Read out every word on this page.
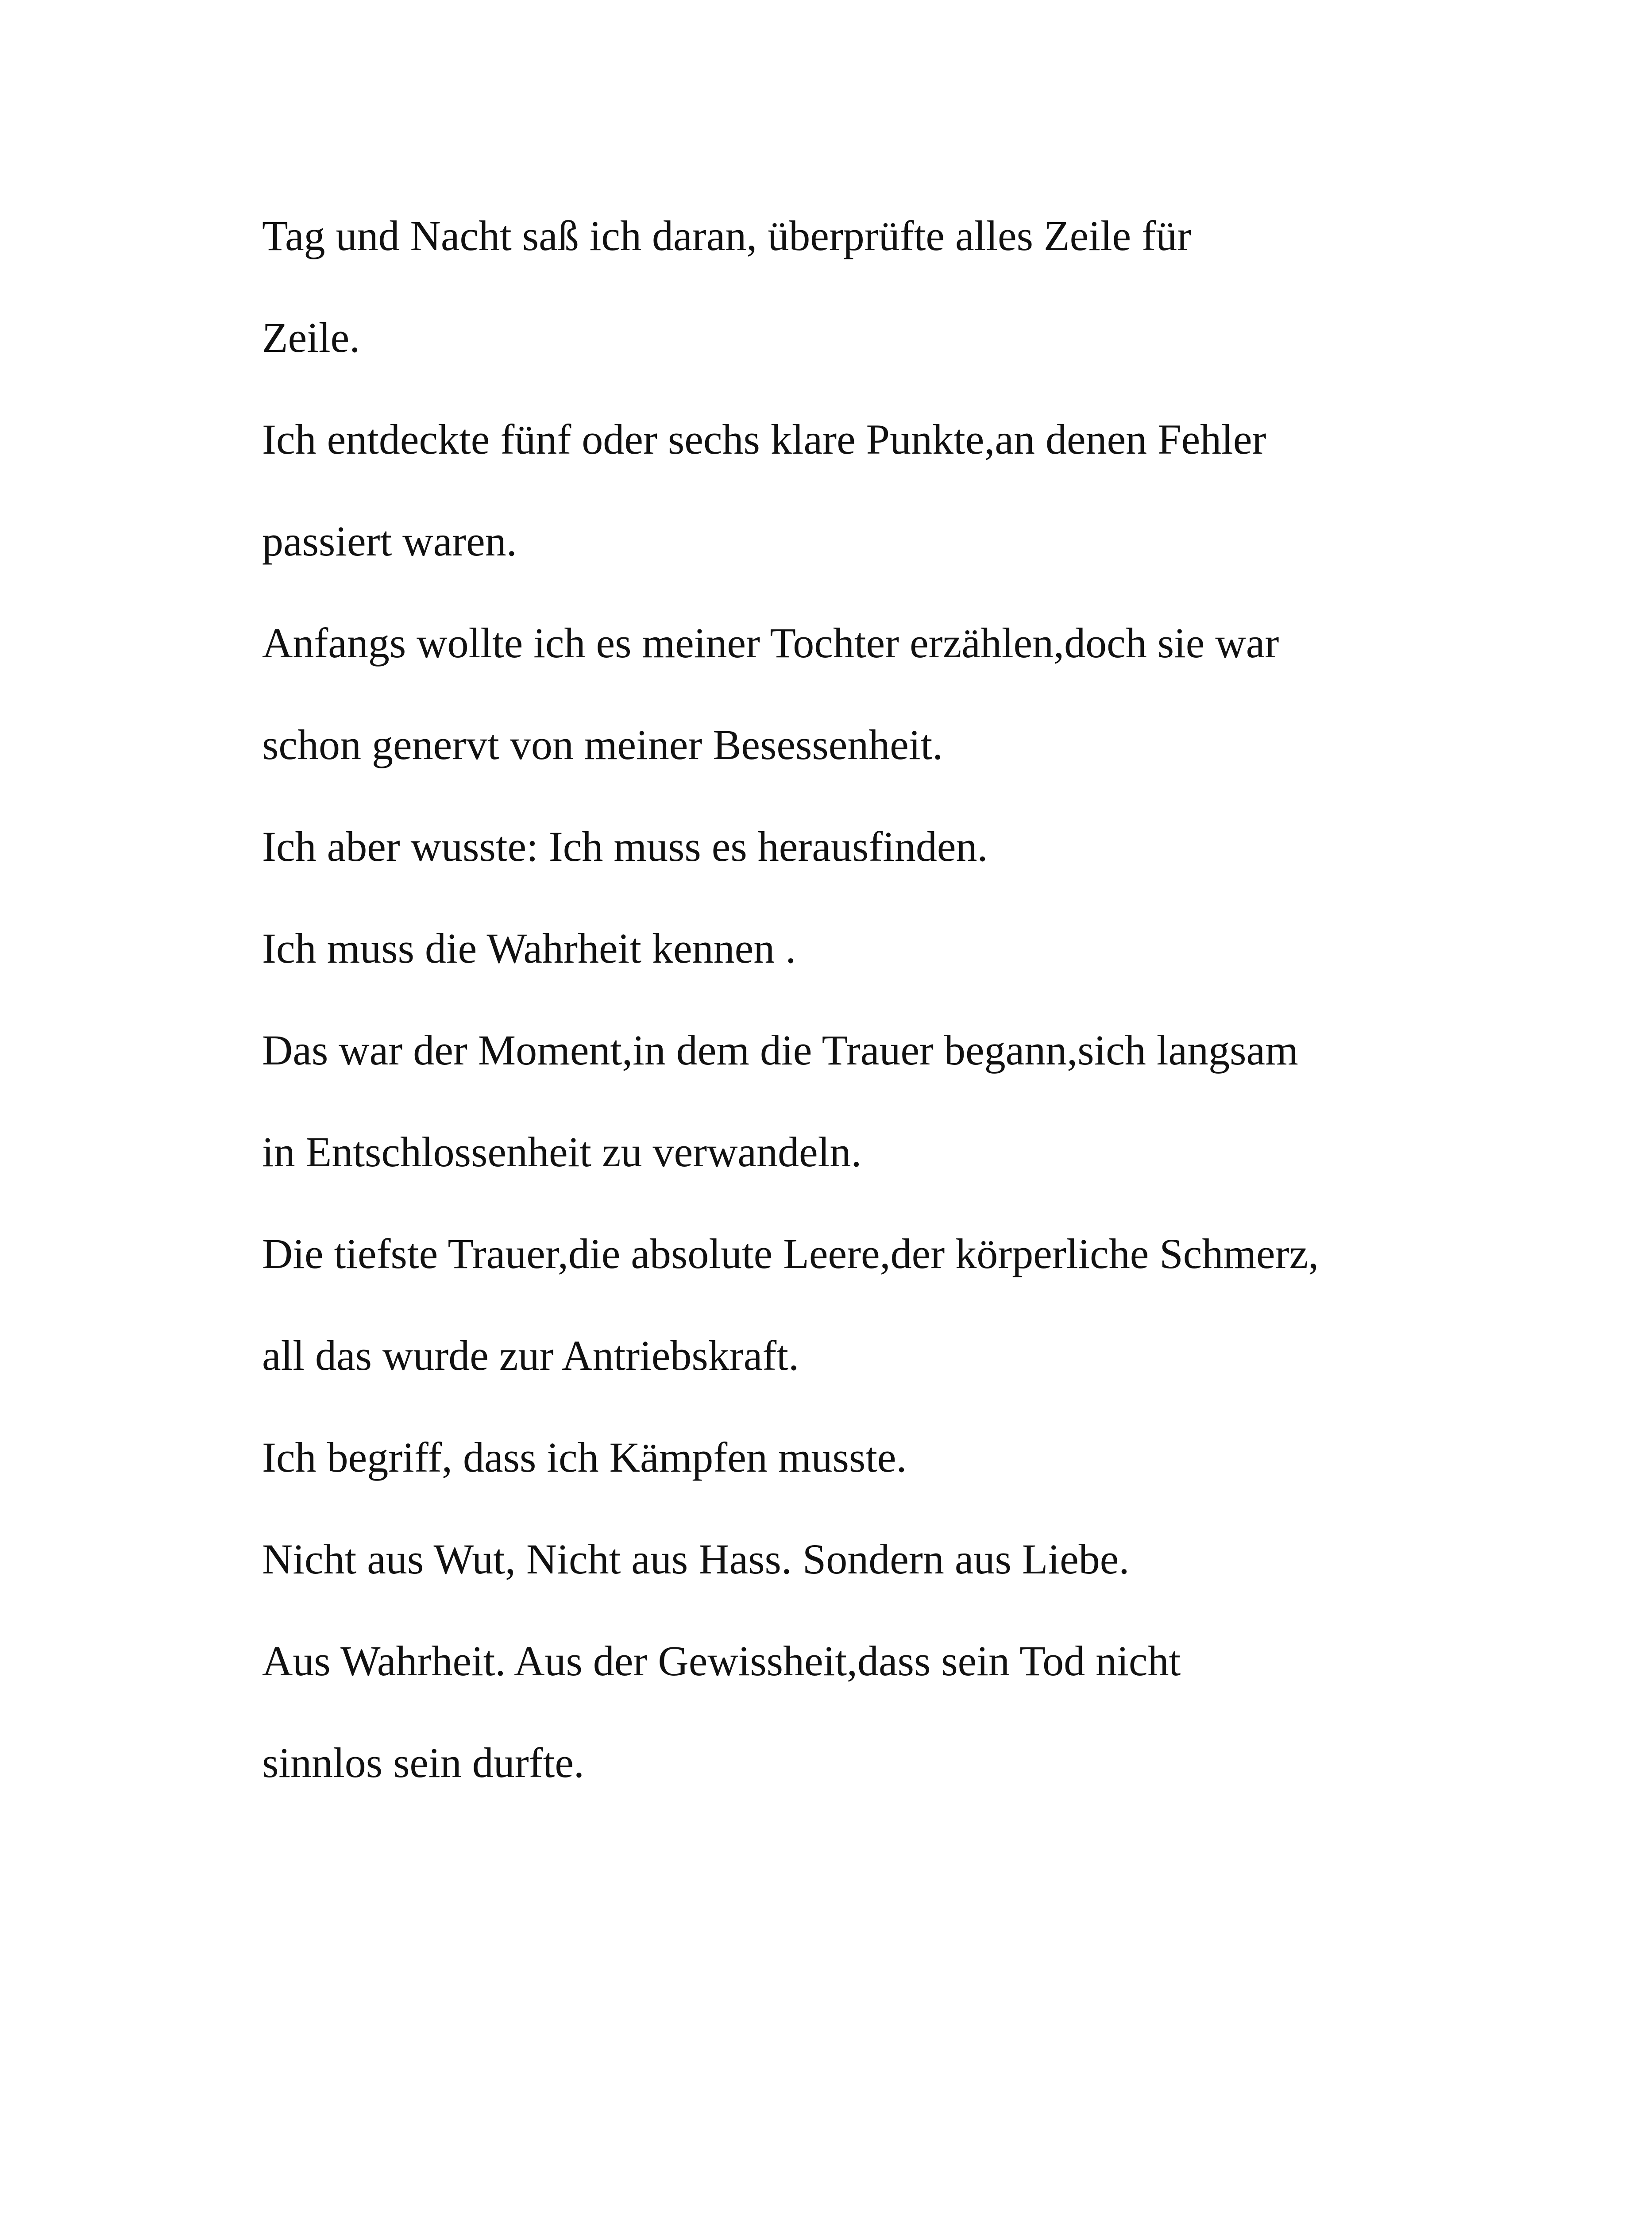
Tag und Nacht saß ich daran, überprüfte alles Zeile für
Zeile.
Ich entdeckte fünf oder sechs klare Punkte,an denen Fehler
passiert waren.
Anfangs wollte ich es meiner Tochter erzählen,doch sie war
schon genervt von meiner Besessenheit.
Ich aber wusste: Ich muss es herausfinden.
Ich muss die Wahrheit kennen .
Das war der Moment,in dem die Trauer begann,sich langsam
in Entschlossenheit zu verwandeln.
Die tiefste Trauer,die absolute Leere,der körperliche Schmerz,
all das wurde zur Antriebskraft.
Ich begriff, dass ich Kämpfen musste.
Nicht aus Wut, Nicht aus Hass. Sondern aus Liebe.
Aus Wahrheit. Aus der Gewissheit,dass sein Tod nicht
sinnlos sein durfte.
